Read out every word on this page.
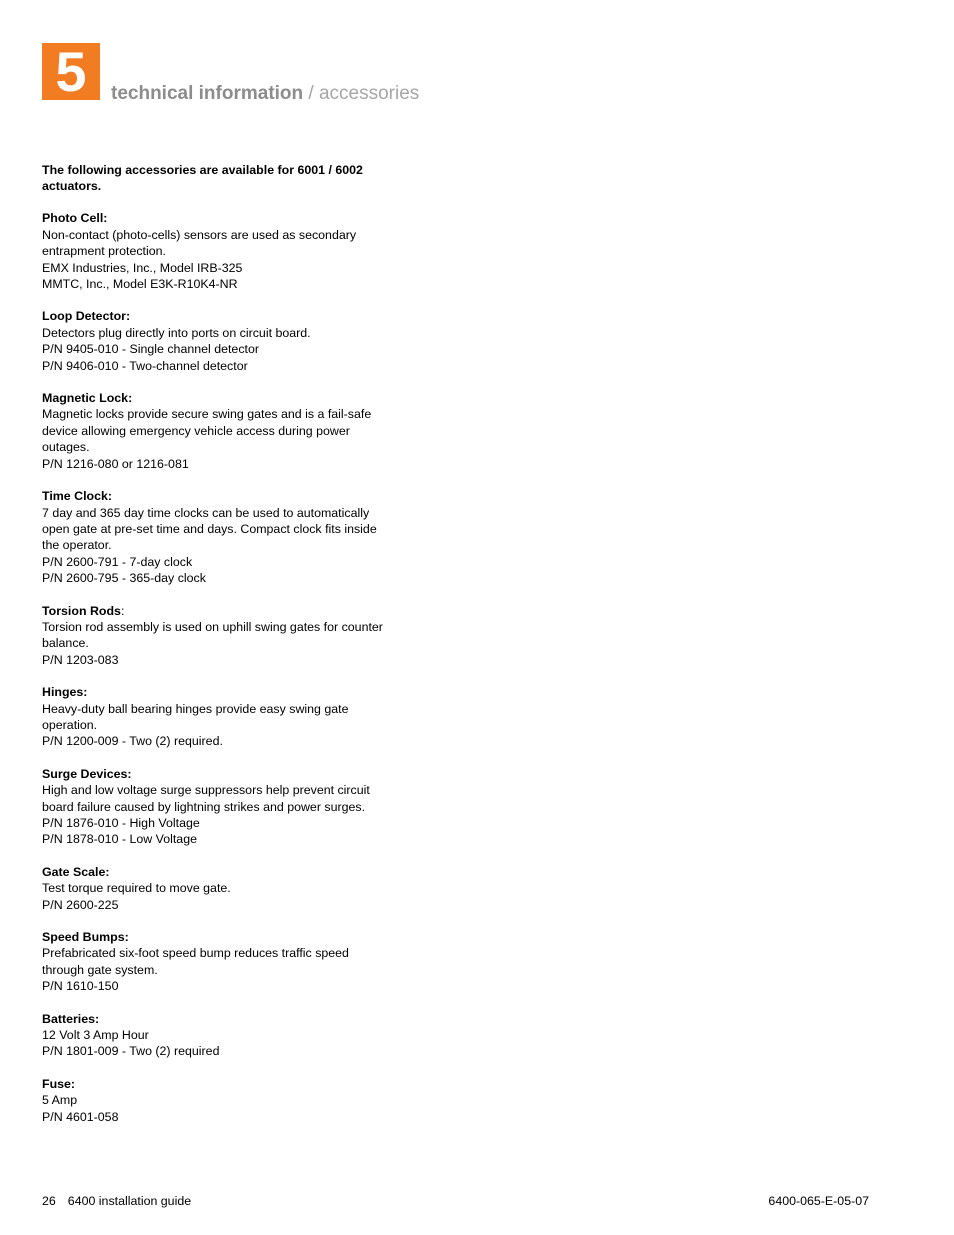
5	technical information / accessories
The following accessories are available for 6001 / 6002 actuators.
Photo Cell:
Non-contact (photo-cells) sensors are used as secondary entrapment protection.
EMX Industries, Inc., Model IRB-325
MMTC, Inc., Model E3K-R10K4-NR
Loop Detector:
Detectors plug directly into ports on circuit board.
P/N 9405-010 - Single channel detector
P/N 9406-010 - Two-channel detector
Magnetic Lock:
Magnetic locks provide secure swing gates and is a fail-safe device allowing emergency vehicle access during power outages.
P/N 1216-080 or 1216-081
Time Clock:
7 day and 365 day time clocks can be used to automatically open gate at pre-set time and days. Compact clock fits inside the operator.
P/N 2600-791 - 7-day clock
P/N 2600-795 - 365-day clock
Torsion Rods:
Torsion rod assembly is used on uphill swing gates for counter balance.
P/N 1203-083
Hinges:
Heavy-duty ball bearing hinges provide easy swing gate operation.
P/N 1200-009 - Two (2) required.
Surge Devices:
High and low voltage surge suppressors help prevent circuit board failure caused by lightning strikes and power surges.
P/N 1876-010 - High Voltage
P/N 1878-010 - Low Voltage
Gate Scale:
Test torque required to move gate.
P/N 2600-225
Speed Bumps:
Prefabricated six-foot speed bump reduces traffic speed through gate system.
P/N 1610-150
Batteries:
12 Volt 3 Amp Hour
P/N 1801-009 - Two (2) required
Fuse:
5 Amp
P/N 4601-058
26 6400 installation guide	6400-065-E-05-07
